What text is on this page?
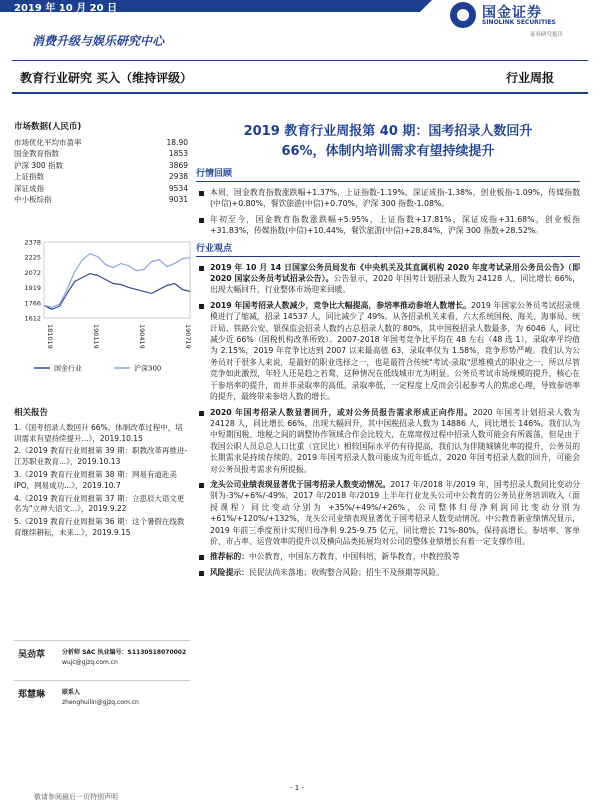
2019 年 10 月 20 日	国金证券
SINOLINK SECURITIES
证券研究报告
消费升级与娱乐研究中心
教育行业研究 买入（维持评级）	行业周报
市场数据(人民币)
市场优化平均市盈率	18.90
国金教育指数	1853
沪深 300 指数	3869
上证指数	2938
深证成指	9534
中小板综指	9031
2378
2225
2072
1919
1766
1612
181019	190119	190419	190719
国金行业	沪深300
相关报告
1.《国考招录人数回升 66%，体制改革过程中，培训需求有望持续提升...》，2019.10.15
2.《2019 教育行业周报第 39 期：职教改革再推进-江苏职业教育...》，2019.10.13
3.《2019 教育行业周报第 38 期：网易有道赴美 IPO，网易成功...》，2019.10.7
4.《2019 教育行业周报第 37 期：立思辰大语文更名为"立神大语文...》，2019.9.22
5.《2019 教育行业周报第 36 期：这个暑假在线教育继续耕耘，未来...》，2019.9.15
吴劲草	分析师 SAC 执业编号：S1130518070002
wujc@gjzq.com.cn
郑慧琳	联系人
zhenghuilin@gjzq.com.cn
2019 教育行业周报第 40 期：国考招录人数回升
66%，体制内培训需求有望持续提升
行情回顾
本周，国金教育指数涨跌幅+1.37%，上证指数-1.19%，深证成指-1.38%，创业板指-1.09%，传媒指数(中信)+0.80%，餐饮旅游(中信)+0.70%，沪深 300 指数-1.08%。
年初至今，国金教育指数涨跌幅+5.95%，上证指数+17.81%，深证成指+31.68%，创业板指+31.83%，传媒指数(中信)+10.44%，餐饮旅游(中信)+28.84%，沪深 300 指数+28.52%。
行业观点
2019 年 10 月 14 日国家公务员局发布《中央机关及其直属机构 2020 年度考试录用公务员公告》（即 2020 国家公务员考试招录公告）。公告显示，2020 年国考计划招录人数为 24128 人，同比增长 66%，出现大幅回升，行业整体市场迎来回暖。
2019 年国考招录人数减少，竞争比大幅提高，参培率推动参培人数增长。2019 年国家公务员考试招录规模进行了缩减，招录 14537 人，同比减少了 49%。从各招录机关来看，六大系统国税、海关、海事局、统计局、铁路公安、银保监会招录人数约占总招录人数的 80%，其中国税招录人数最多，为 6046 人，同比减少近 66%（国税机构改革所致）。2007-2018 年国考竞争比平均在 48 左右（48 选 1），录取率平均值为 2.15%，2019 年竞争比达到 2007 以来最高值 63，录取率仅为 1.58%，竞争形势严峻。我们认为公务员对于很多人来说，是最好的职业选择之一，也是最符合传统"考试-录取"思维模式的职业之一，所以尽管竞争如此激烈，年轻人还是趋之若鹜，这种情况在低线城市尤为明显。公务员考试市场规模的提升，核心在于参培率的提升，而并非录取率的高低，录取率低，一定程度上反而会引起参考人的焦虑心理，导致参培率的提升，最终带来参培人数的增长。
2020 年国考招录人数显著回升，或对公务员报告需求形成正向作用。2020 年国考计划招录人数为 24128 人，同比增长 66%，出现大幅回升，其中国税招录人数为 14886 人，同比增长 146%。我们认为中短期国税、地税之间的调整协作领域合作会比较大，在席席按过程中招录人数可能会有所震荡，但是由于我国公职人员总总人口比重（宜民比）相较国际水平仍有待提高，我们认为伴随城镇化率的提升，公务员的长期需求是持续存续的。2019 年国考招录人数可能成为近年低点，2020 年国考招录人数的回升，可能会对公务员报考需求有所提振。
龙头公司业绩表现显著优于国考招录人数变动情况。2017 年/2018 年/2019 年，国考招录人数同比变动分别为-3%/+6%/-49%，2017 年/2018 年/2019 上半年行业龙头公司中公教育的公务员业务培训收入（面授课程）同比变动分别为 +35%/+49%/+26%，公司整体归母净利润同比变动分别为 +61%/+120%/+132%，龙头公司业绩表现显著优于国考招录人数变动情况。中公教育新业绩情况显示，2019 年前三季度预计实现归母净利 9.25-9.75 亿元，同比增长 71%-80%，保持高增长。参培率、客单价、市占率、运营效率的提升以及横向品类拓展均对公司的整体业绩增长有着一定支撑作用。
推荐标的：中公教育，中国东方教育，中国科培，新华教育，中教控股等
风险提示：民促法尚未落地；收购整合风险；招生不及预期等风险。
- 1 -
敬请参阅最后一页特别声明
